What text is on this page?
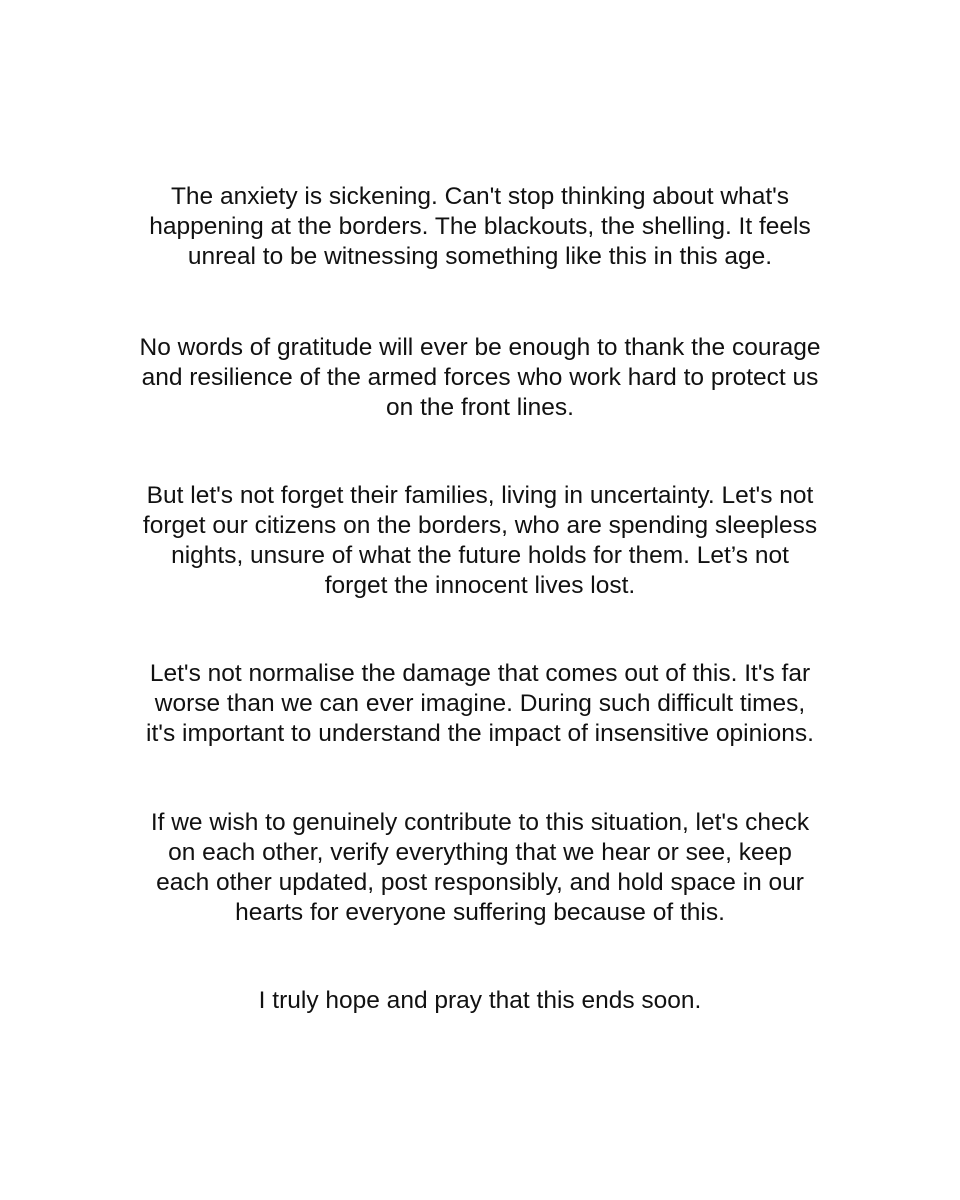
The anxiety is sickening. Can't stop thinking about what's
happening at the borders. The blackouts, the shelling. It feels
unreal to be witnessing something like this in this age.

No words of gratitude will ever be enough to thank the courage
and resilience of the armed forces who work hard to protect us
on the front lines.

But let's not forget their families, living in uncertainty. Let's not
forget our citizens on the borders, who are spending sleepless
nights, unsure of what the future holds for them. Let’s not
forget the innocent lives lost.

Let's not normalise the damage that comes out of this. It's far
worse than we can ever imagine. During such difficult times,
it's important to understand the impact of insensitive opinions.

If we wish to genuinely contribute to this situation, let's check
on each other, verify everything that we hear or see, keep
each other updated, post responsibly, and hold space in our
hearts for everyone suffering because of this.

I truly hope and pray that this ends soon.
